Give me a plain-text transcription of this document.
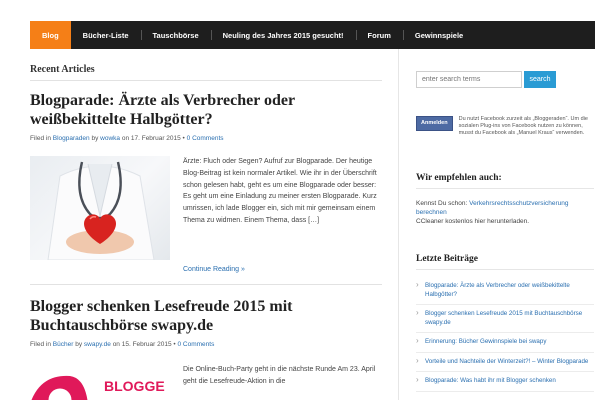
Blog	Bücher-Liste	Tauschbörse	Neuling des Jahres 2015 gesucht!	Forum	Gewinnspiele
Recent Articles
Blogparade: Ärzte als Verbrecher oder weißbekittelte Halbgötter?
Filed in Blogparaden by wowka on 17. Februar 2015 • 0 Comments
Ärzte: Fluch oder Segen? Aufruf zur Blogparade. Der heutige Blog-Beitrag ist kein normaler Artikel. Wie ihr in der Überschrift schon gelesen habt, geht es um eine Blogparade oder besser: Es geht um eine Einladung zu meiner ersten Blogparade. Kurz umrissen, ich lade Blogger ein, sich mit mir gemeinsam einem Thema zu widmen. Einem Thema, dass […]
Continue Reading »
Blogger schenken Lesefreude 2015 mit Buchtauschbörse swapy.de
Filed in Bücher by swapy.de on 15. Februar 2015 • 0 Comments
BLOGGE
Die Online-Buch-Party geht in die nächste Runde Am 23. April geht die Lesefreude-Aktion in die
enter search terms
search
Anmelden
Du nutzt Facebook zurzeit als „Bloggeraden“. Um die sozialen Plug-ins von Facebook nutzen zu können, musst du Facebook als „Manuel Kraus“ verwenden.
Wir empfehlen auch:
Kennst Du schon: Verkehrsrechtsschutzversicherung berechnen
CCleaner kostenlos hier herunterladen.
Letzte Beiträge
› Blogparade: Ärzte als Verbrecher oder weißbekittelte Halbgötter?
› Blogger schenken Lesefreude 2015 mit Buchtauschbörse swapy.de
› Erinnerung: Bücher Gewinnspiele bei swapy
› Vorteile und Nachteile der Winterzeit?! – Winter Blogparade
› Blogparade: Was habt ihr mit Blogger schenken
